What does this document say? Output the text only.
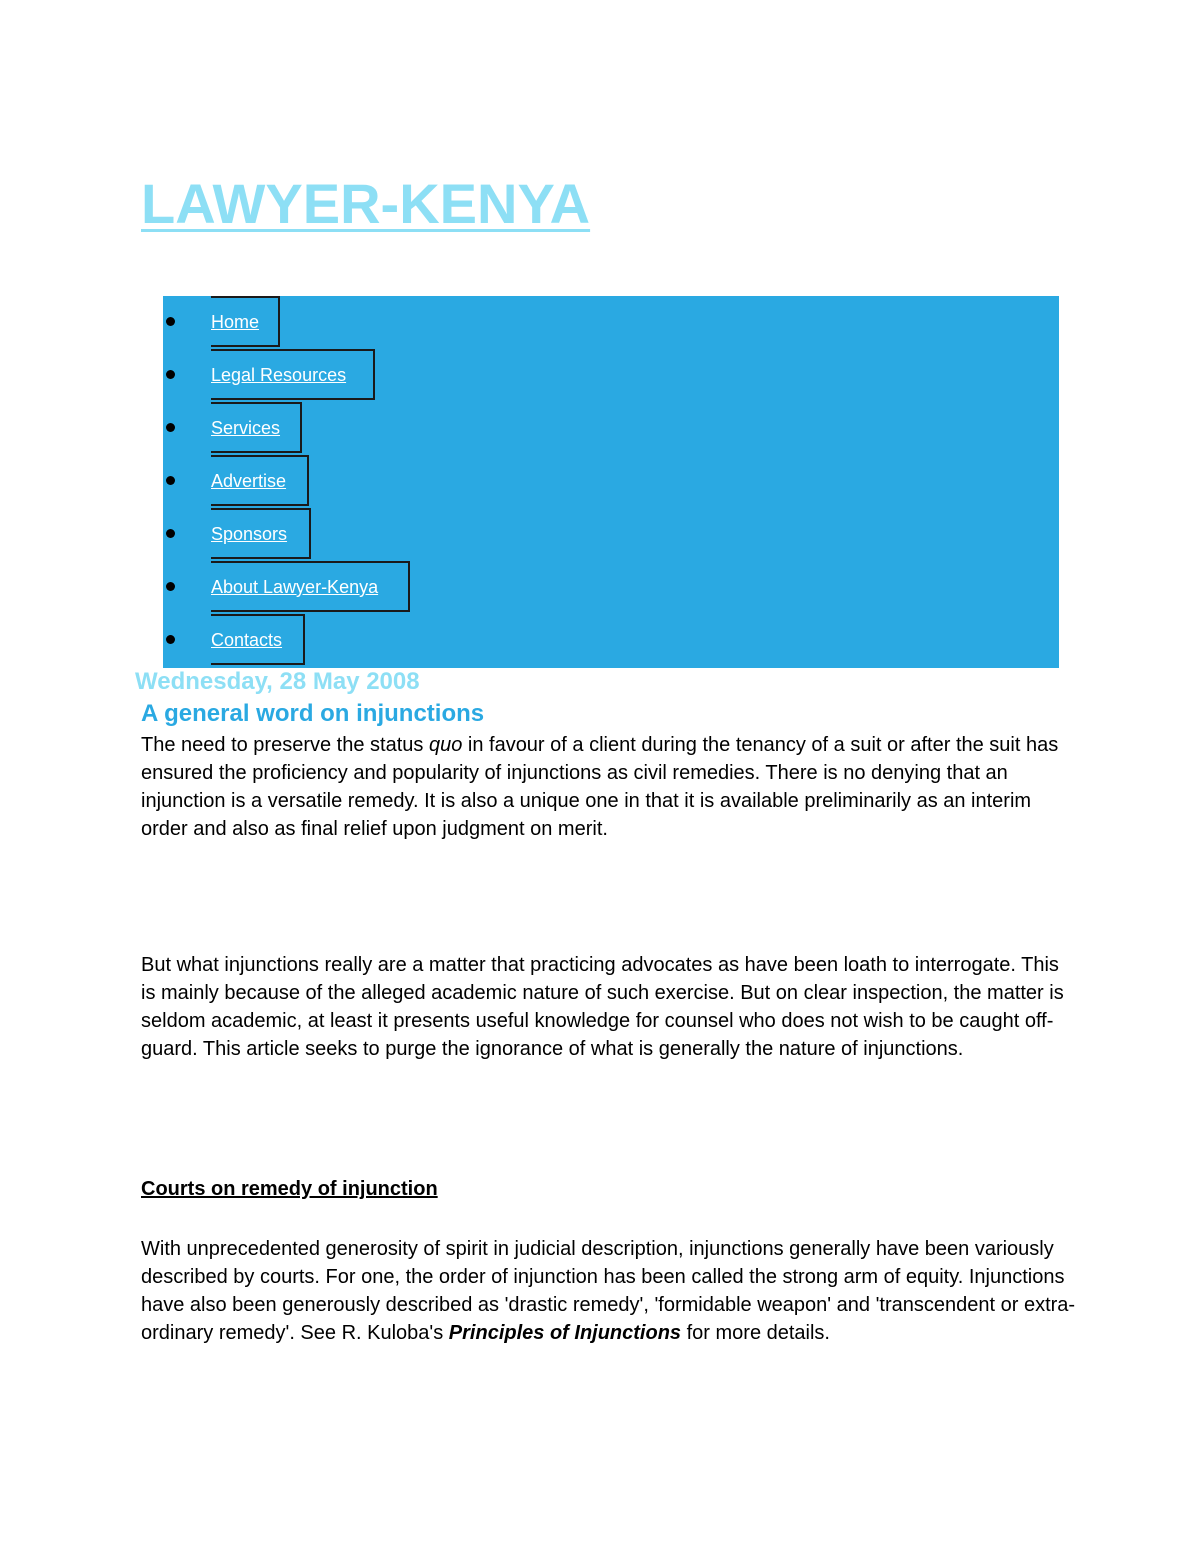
LAWYER-KENYA
Home
Legal Resources
Services
Advertise
Sponsors
About Lawyer-Kenya
Contacts
Wednesday, 28 May 2008
A general word on injunctions

The need to preserve the status quo in favour of a client during the tenancy of a suit or after the suit has ensured the proficiency and popularity of injunctions as civil remedies. There is no denying that an injunction is a versatile remedy. It is also a unique one in that it is available preliminarily as an interim order and also as final relief upon judgment on merit.

But what injunctions really are a matter that practicing advocates as have been loath to interrogate. This is mainly because of the alleged academic nature of such exercise. But on clear inspection, the matter is seldom academic, at least it presents useful knowledge for counsel who does not wish to be caught off-guard. This article seeks to purge the ignorance of what is generally the nature of injunctions.

Courts on remedy of injunction

With unprecedented generosity of spirit in judicial description, injunctions generally have been variously described by courts. For one, the order of injunction has been called the strong arm of equity. Injunctions have also been generously described as 'drastic remedy', 'formidable weapon' and 'transcendent or extra-ordinary remedy'. See R. Kuloba's Principles of Injunctions for more details.
